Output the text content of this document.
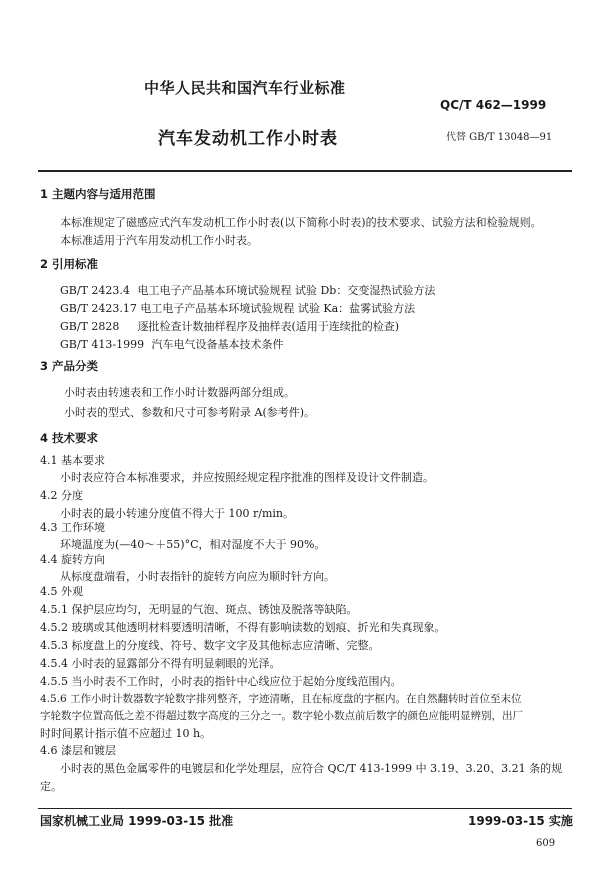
中华人民共和国汽车行业标准
QC/T 462—1999
汽车发动机工作小时表	代替 GB/T 13048—91
1 主题内容与适用范围
本标准规定了磁感应式汽车发动机工作小时表(以下简称小时表)的技术要求、试验方法和检验规则。
本标准适用于汽车用发动机工作小时表。
2 引用标准
GB/T 2423.4 电工电子产品基本环境试验规程 试验 Db：交变湿热试验方法
GB/T 2423.17 电工电子产品基本环境试验规程 试验 Ka：盐雾试验方法
GB/T 2828 逐批检查计数抽样程序及抽样表(适用于连续批的检查)
GB/T 413-1999 汽车电气设备基本技术条件
3 产品分类
小时表由转速表和工作小时计数器两部分组成。
小时表的型式、参数和尺寸可参考附录 A(参考件)。
4 技术要求
4.1 基本要求
小时表应符合本标准要求，并应按照经规定程序批准的图样及设计文件制造。
4.2 分度
小时表的最小转速分度值不得大于 100 r/min。
4.3 工作环境
环境温度为(—40～＋55)°C，相对湿度不大于 90%。
4.4 旋转方向
从标度盘端看，小时表指针的旋转方向应为顺时针方向。
4.5 外观
4.5.1 保护层应均匀，无明显的气泡、斑点、锈蚀及脱落等缺陷。
4.5.2 玻璃或其他透明材料要透明清晰，不得有影响读数的划痕、折光和失真现象。
4.5.3 标度盘上的分度线、符号、数字文字及其他标志应清晰、完整。
4.5.4 小时表的显露部分不得有明显刺眼的光泽。
4.5.5 当小时表不工作时，小时表的指针中心线应位于起始分度线范围内。
4.5.6 工作小时计数器数字轮数字排列整齐，字迹清晰，且在标度盘的字框内。在自然翻转时首位至末位
字轮数字位置高低之差不得超过数字高度的三分之一。数字轮小数点前后数字的颜色应能明显辨别，出厂
时时间累计指示值不应超过 10 h。
4.6 漆层和镀层
小时表的黑色金属零件的电镀层和化学处理层，应符合 QC/T 413-1999 中 3.19、3.20、3.21 条的规
定。
国家机械工业局 1999-03-15 批准	1999-03-15 实施
609
